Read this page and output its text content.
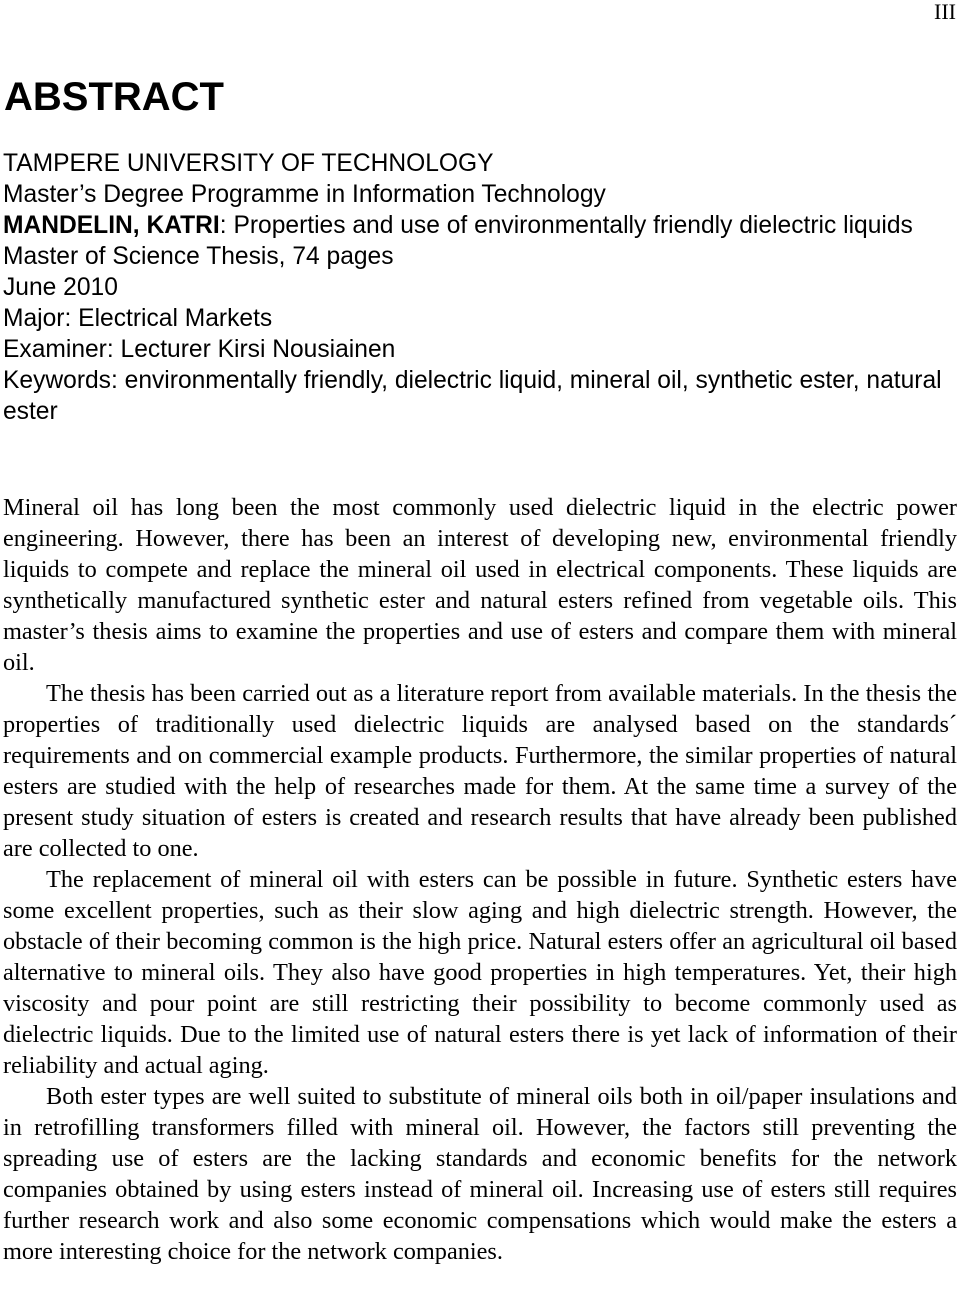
III
ABSTRACT
TAMPERE UNIVERSITY OF TECHNOLOGY
Master’s Degree Programme in Information Technology
MANDELIN, KATRI: Properties and use of environmentally friendly dielectric liquids
Master of Science Thesis, 74 pages
June 2010
Major: Electrical Markets
Examiner: Lecturer Kirsi Nousiainen
Keywords: environmentally friendly, dielectric liquid, mineral oil, synthetic ester, natural ester

Mineral oil has long been the most commonly used dielectric liquid in the electric power engineering. However, there has been an interest of developing new, environmental friendly liquids to compete and replace the mineral oil used in electrical components. These liquids are synthetically manufactured synthetic ester and natural esters refined from vegetable oils. This master’s thesis aims to examine the properties and use of esters and compare them with mineral oil.

The thesis has been carried out as a literature report from available materials. In the thesis the properties of traditionally used dielectric liquids are analysed based on the standards´ requirements and on commercial example products. Furthermore, the similar properties of natural esters are studied with the help of researches made for them. At the same time a survey of the present study situation of esters is created and research results that have already been published are collected to one.

The replacement of mineral oil with esters can be possible in future. Synthetic esters have some excellent properties, such as their slow aging and high dielectric strength. However, the obstacle of their becoming common is the high price. Natural esters offer an agricultural oil based alternative to mineral oils. They also have good properties in high temperatures. Yet, their high viscosity and pour point are still restricting their possibility to become commonly used as dielectric liquids. Due to the limited use of natural esters there is yet lack of information of their reliability and actual aging.

Both ester types are well suited to substitute of mineral oils both in oil/paper insulations and in retrofilling transformers filled with mineral oil. However, the factors still preventing the spreading use of esters are the lacking standards and economic benefits for the network companies obtained by using esters instead of mineral oil. Increasing use of esters still requires further research work and also some economic compensations which would make the esters a more interesting choice for the network companies.
